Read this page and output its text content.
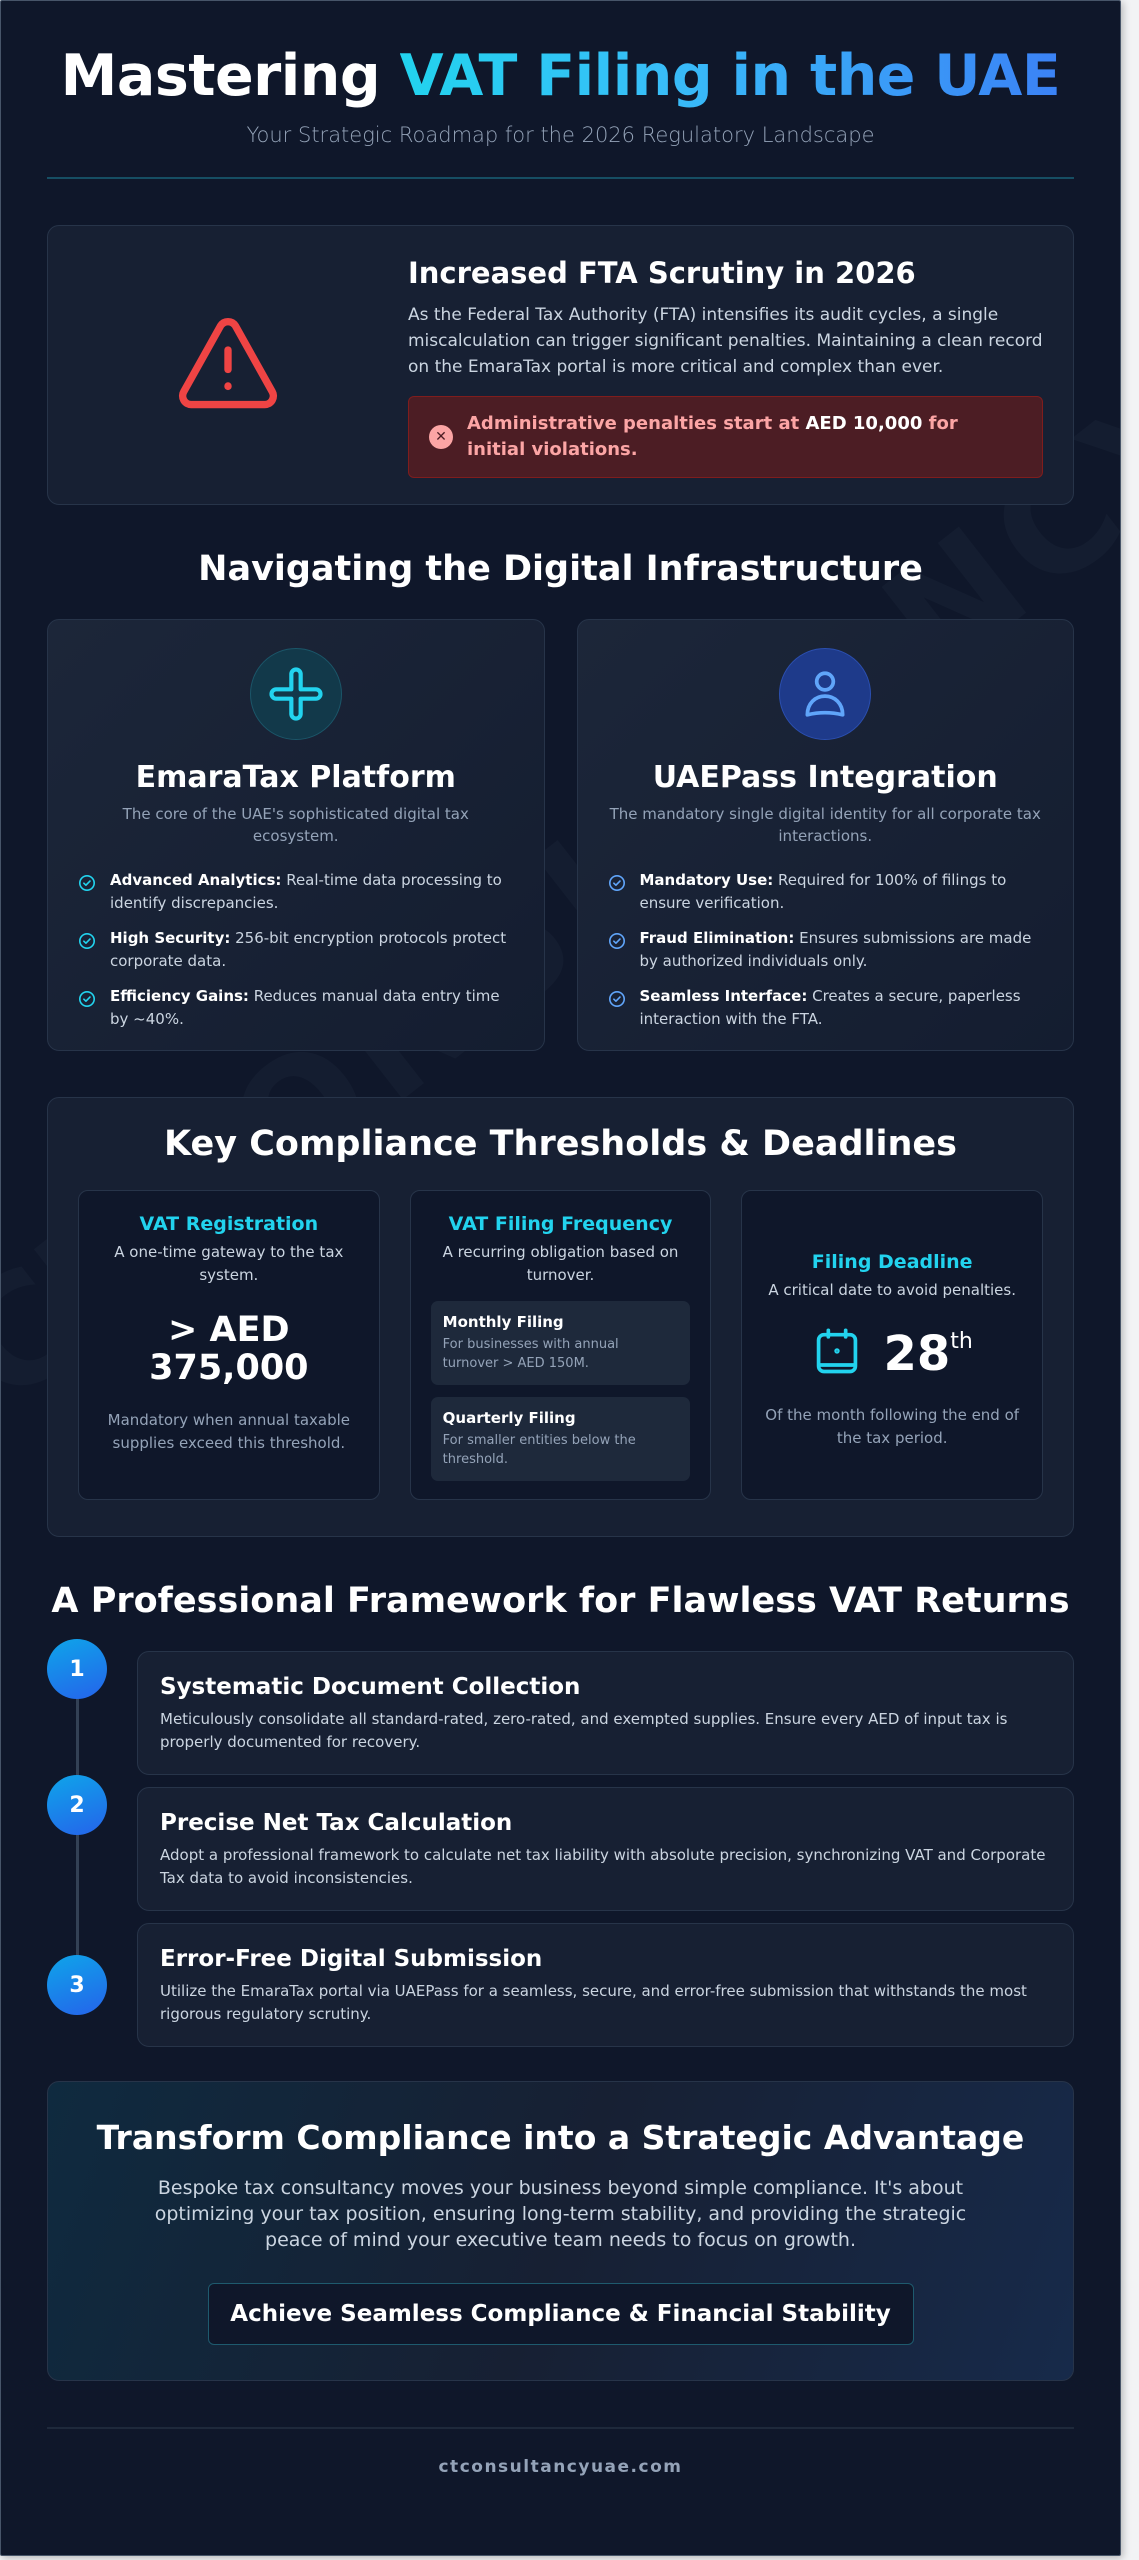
Mastering VAT Filing in the UAE
Your Strategic Roadmap for the 2026 Regulatory Landscape
Increased FTA Scrutiny in 2026

As the Federal Tax Authority (FTA) intensifies its audit cycles, a single miscalculation can trigger significant penalties. Maintaining a clean record on the EmaraTax portal is more critical and complex than ever.

✕
Administrative penalties start at AED 10,000 for initial violations.
Navigating the Digital Infrastructure
EmaraTax Platform

The core of the UAE's sophisticated digital tax ecosystem.

Advanced Analytics: Real-time data processing to identify discrepancies.
High Security: 256-bit encryption protocols protect corporate data.
Efficiency Gains: Reduces manual data entry time by ~40%.
UAEPass Integration

The mandatory single digital identity for all corporate tax interactions.

Mandatory Use: Required for 100% of filings to ensure verification.
Fraud Elimination: Ensures submissions are made by authorized individuals only.
Seamless Interface: Creates a secure, paperless interaction with the FTA.
Key Compliance Thresholds & Deadlines
VAT Registration
A one-time gateway to the tax system.
> AED 375,000
Mandatory when annual taxable supplies exceed this threshold.
VAT Filing Frequency
A recurring obligation based on turnover.
Monthly Filing
For businesses with annual turnover > AED 150M.
Quarterly Filing
For smaller entities below the threshold.
Filing Deadline
A critical date to avoid penalties.
28th
Of the month following the end of the tax period.
A Professional Framework for Flawless VAT Returns
1
Systematic Document Collection
Meticulously consolidate all standard-rated, zero-rated, and exempted supplies. Ensure every AED of input tax is properly documented for recovery.
2
Precise Net Tax Calculation
Adopt a professional framework to calculate net tax liability with absolute precision, synchronizing VAT and Corporate Tax data to avoid inconsistencies.
3
Error-Free Digital Submission
Utilize the EmaraTax portal via UAEPass for a seamless, secure, and error-free submission that withstands the most rigorous regulatory scrutiny.
Transform Compliance into a Strategic Advantage

Bespoke tax consultancy moves your business beyond simple compliance. It's about optimizing your tax position, ensuring long-term stability, and providing the strategic peace of mind your executive team needs to focus on growth.

Achieve Seamless Compliance & Financial Stability
ctconsultancyuae.com
